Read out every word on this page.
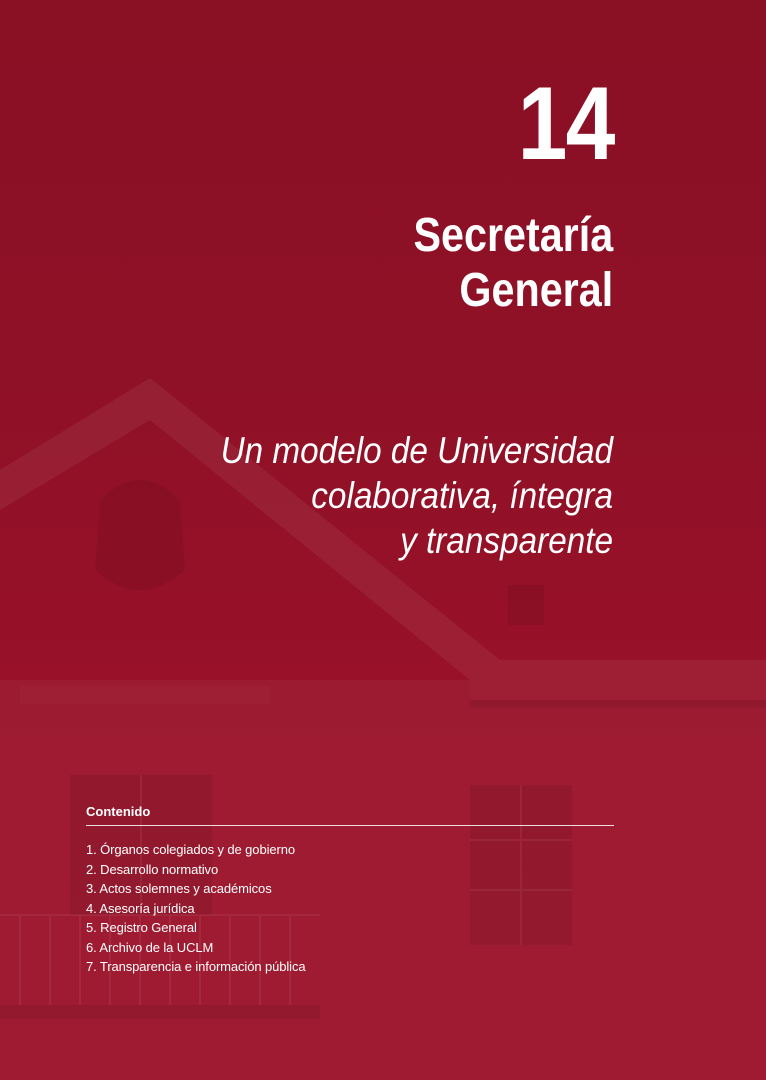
14
Secretaría
General
Un modelo de Universidad
colaborativa, íntegra
y transparente
Contenido
1. Órganos colegiados y de gobierno
2. Desarrollo normativo
3. Actos solemnes y académicos
4. Asesoría jurídica
5. Registro General
6. Archivo de la UCLM
7. Transparencia e información pública
